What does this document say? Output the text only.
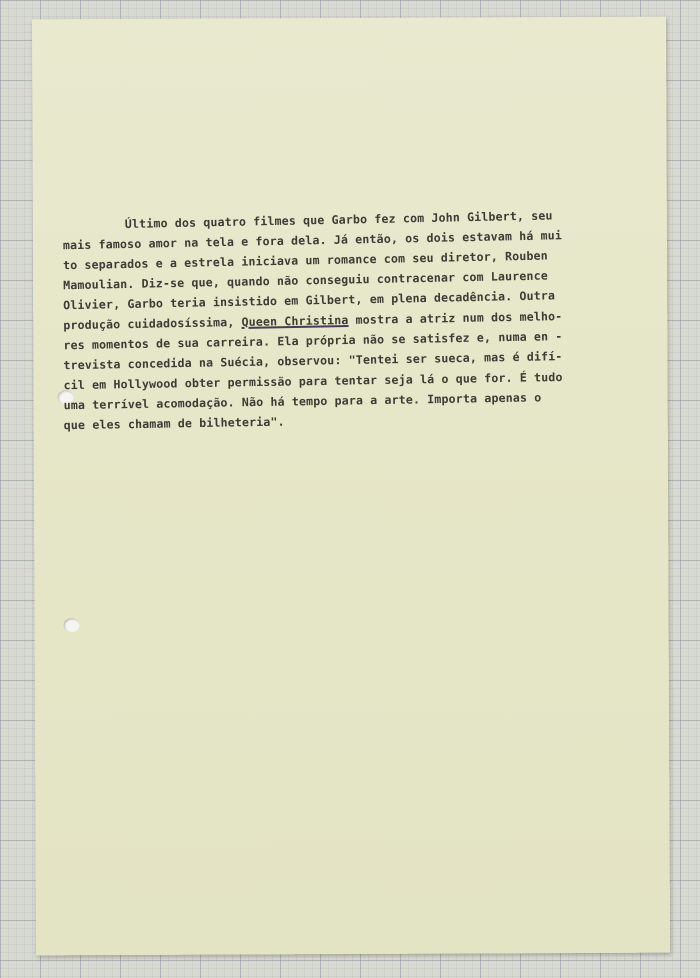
Último dos quatro filmes que Garbo fez com John Gilbert, seu
mais famoso amor na tela e fora dela. Já então, os dois estavam há mui
to separados e a estrela iniciava um romance com seu diretor, Rouben
Mamoulian. Diz-se que, quando não conseguiu contracenar com Laurence
Olivier, Garbo teria insistido em Gilbert, em plena decadência. Outra
produção cuidadosíssima, Queen Christina mostra a atriz num dos melho-
res momentos de sua carreira. Ela própria não se satisfez e, numa en -
trevista concedida na Suécia, observou: "Tentei ser sueca, mas é difí-
cil em Hollywood obter permissão para tentar seja lá o que for. É tudo
uma terrível acomodação. Não há tempo para a arte. Importa apenas o
que eles chamam de bilheteria".
